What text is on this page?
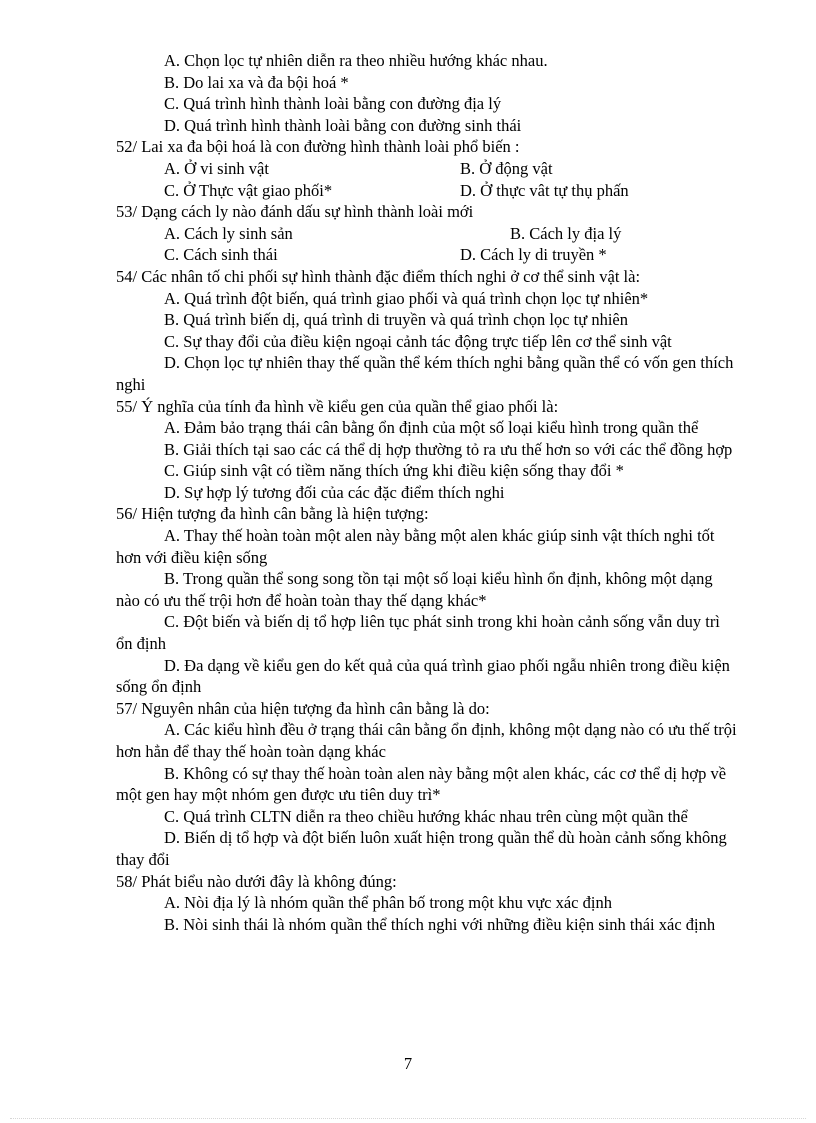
A. Chọn lọc tự nhiên diễn ra theo nhiều hướng khác nhau.
B. Do lai xa và đa bội hoá *
C. Quá trình hình thành loài bằng con đường địa lý
D. Quá trình hình thành loài bằng con đường sinh thái
52/ Lai xa đa bội hoá là con đường hình thành loài phổ biến :
A. Ở vi sinh vật	B. Ở động vật
C. Ở Thực vật giao phối*	D. Ở thực vât tự thụ phấn
53/ Dạng cách ly nào đánh dấu sự hình thành loài mới
A. Cách ly sinh sản	B. Cách ly địa lý
C. Cách sinh thái	D. Cách ly di truyền *
54/ Các nhân tố chi phối sự hình thành đặc điểm thích nghi ở cơ thể sinh vật là:
A. Quá trình đột biến, quá trình giao phối và quá trình chọn lọc tự nhiên*
B. Quá trình biến dị, quá trình di truyền và quá trình chọn lọc tự nhiên
C. Sự thay đổi của điều kiện ngoại cảnh tác động trực tiếp lên cơ thể sinh vật
D. Chọn lọc tự nhiên thay thế quần thể kém thích nghi bằng quần thể có vốn gen thích nghi
55/ Ý nghĩa của tính đa hình về kiểu gen của quần thể giao phối là:
A. Đảm bảo trạng thái cân bằng ổn định của một số loại kiểu hình trong quần thể
B. Giải thích tại sao các cá thể dị hợp thường tỏ ra ưu thế hơn so với các thể đồng hợp
C. Giúp sinh vật có tiềm năng thích ứng khi điều kiện sống thay đổi *
D. Sự hợp lý tương đối của các đặc điểm thích nghi
56/ Hiện tượng đa hình cân bằng là hiện tượng:
A. Thay thế hoàn toàn một alen này bằng một alen khác giúp sinh vật thích nghi tốt hơn với điều kiện sống
B. Trong quần thể song song tồn tại một số loại kiểu hình ổn định, không một dạng nào có ưu thế trội hơn để hoàn toàn thay thế dạng khác*
C. Đột biến và biến dị tổ hợp liên tục phát sinh trong khi hoàn cảnh sống vẫn duy trì ổn định
D. Đa dạng về kiểu gen do kết quả của quá trình giao phối ngẫu nhiên trong điều kiện sống ổn định
57/ Nguyên nhân của hiện tượng đa hình cân bằng là do:
A. Các kiểu hình đều ở trạng thái cân bằng ổn định, không một dạng nào có ưu thế trội hơn hẳn để thay thế hoàn toàn dạng khác
B. Không có sự thay thế hoàn toàn alen này bằng một alen khác, các cơ thể dị hợp về một gen hay một nhóm gen được ưu tiên duy trì*
C. Quá trình CLTN diễn ra theo chiều hướng khác nhau trên cùng một quần thể
D. Biến dị tổ hợp và đột biến luôn xuất hiện trong quần thể dù hoàn cảnh sống không thay đổi
58/ Phát biểu nào dưới đây là không đúng:
A. Nòi địa lý là nhóm quần thể phân bố trong một khu vực xác định
B. Nòi sinh thái là nhóm quần thể thích nghi với những điều kiện sinh thái xác định
7
